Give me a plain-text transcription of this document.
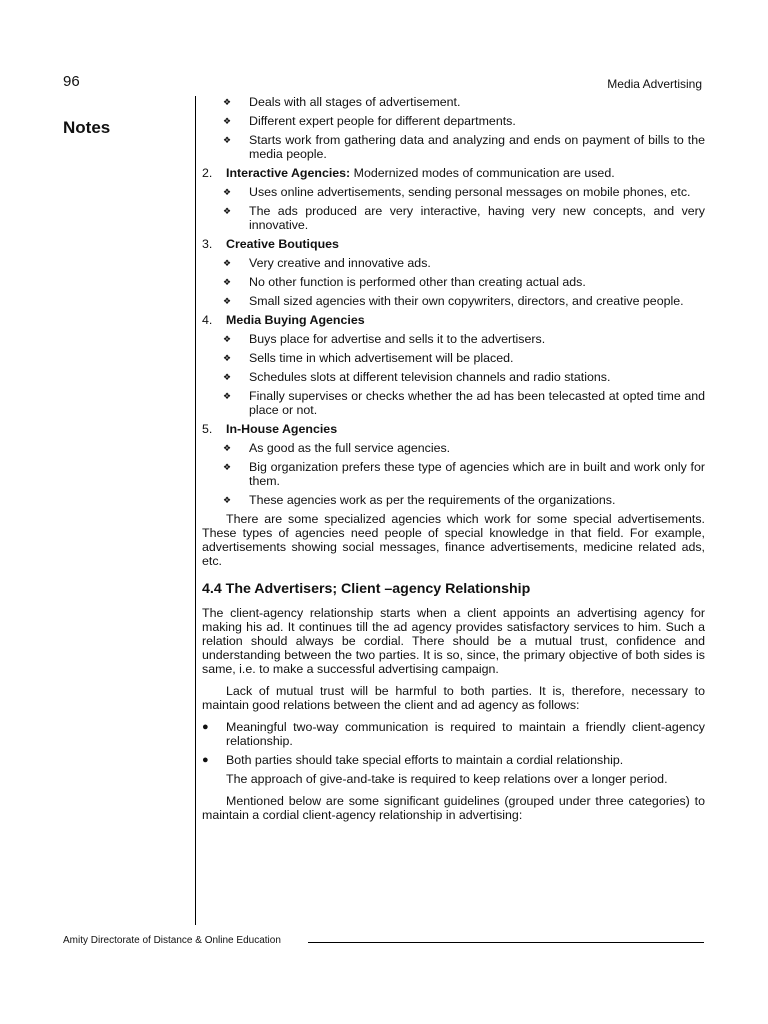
96	Media Advertising
Notes
❖	Deals with all stages of advertisement.
❖	Different expert people for different departments.
❖	Starts work from gathering data and analyzing and ends on payment of bills to the media people.
2.	Interactive Agencies: Modernized modes of communication are used.
❖	Uses online advertisements, sending personal messages on mobile phones, etc.
❖	The ads produced are very interactive, having very new concepts, and very innovative.
3.	Creative Boutiques
❖	Very creative and innovative ads.
❖	No other function is performed other than creating actual ads.
❖	Small sized agencies with their own copywriters, directors, and creative people.
4.	Media Buying Agencies
❖	Buys place for advertise and sells it to the advertisers.
❖	Sells time in which advertisement will be placed.
❖	Schedules slots at different television channels and radio stations.
❖	Finally supervises or checks whether the ad has been telecasted at opted time and place or not.
5.	In-House Agencies
❖	As good as the full service agencies.
❖	Big organization prefers these type of agencies which are in built and work only for them.
❖	These agencies work as per the requirements of the organizations.

There are some specialized agencies which work for some special advertisements. These types of agencies need people of special knowledge in that field. For example, advertisements showing social messages, finance advertisements, medicine related ads, etc.

4.4 The Advertisers; Client –agency Relationship

The client-agency relationship starts when a client appoints an advertising agency for making his ad. It continues till the ad agency provides satisfactory services to him. Such a relation should always be cordial. There should be a mutual trust, confidence and understanding between the two parties. It is so, since, the primary objective of both sides is same, i.e. to make a successful advertising campaign.

Lack of mutual trust will be harmful to both parties. It is, therefore, necessary to maintain good relations between the client and ad agency as follows:

●	Meaningful two-way communication is required to maintain a friendly client-agency relationship.
●	Both parties should take special efforts to maintain a cordial relationship.

The approach of give-and-take is required to keep relations over a longer period.

Mentioned below are some significant guidelines (grouped under three categories) to maintain a cordial client-agency relationship in advertising:

Amity Directorate of Distance & Online Education
